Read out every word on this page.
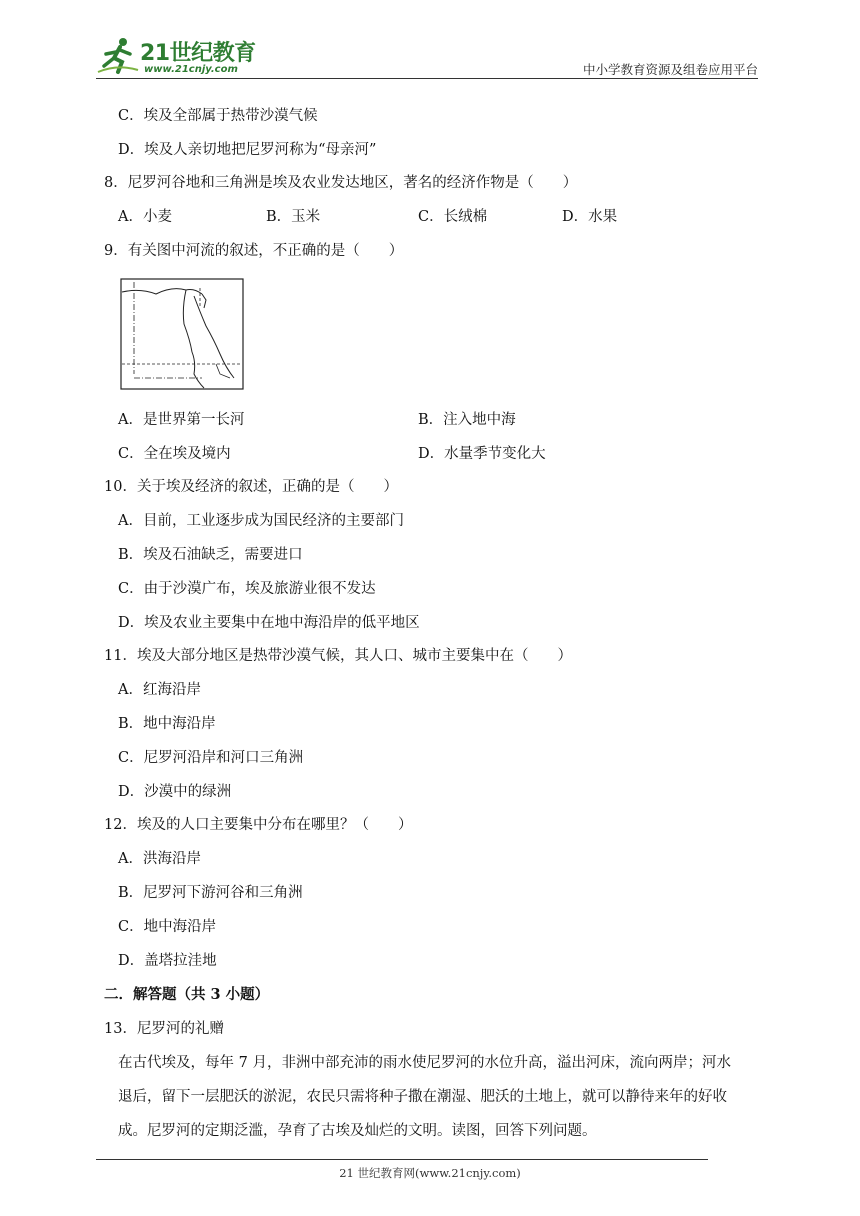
21世纪教育
www.21cnjy.com	中小学教育资源及组卷应用平台
C．埃及全部属于热带沙漠气候
D．埃及人亲切地把尼罗河称为“母亲河”
8．尼罗河谷地和三角洲是埃及农业发达地区，著名的经济作物是（　　）
A．小麦	B．玉米	C．长绒棉	D．水果
9．有关图中河流的叙述，不正确的是（　　）
A．是世界第一长河	B．注入地中海
C．全在埃及境内	D．水量季节变化大
10．关于埃及经济的叙述，正确的是（　　）
A．目前，工业逐步成为国民经济的主要部门
B．埃及石油缺乏，需要进口
C．由于沙漠广布，埃及旅游业很不发达
D．埃及农业主要集中在地中海沿岸的低平地区
11．埃及大部分地区是热带沙漠气候，其人口、城市主要集中在（　　）
A．红海沿岸
B．地中海沿岸
C．尼罗河沿岸和河口三角洲
D．沙漠中的绿洲
12．埃及的人口主要集中分布在哪里？（　　）
A．洪海沿岸
B．尼罗河下游河谷和三角洲
C．地中海沿岸
D．盖塔拉洼地
二．解答题（共 3 小题）
13．尼罗河的礼赠
在古代埃及，每年 7 月，非洲中部充沛的雨水使尼罗河的水位升高，溢出河床，流向两岸；河水
退后，留下一层肥沃的淤泥，农民只需将种子撒在潮湿、肥沃的土地上，就可以静待来年的好收
成。尼罗河的定期泛滥，孕育了古埃及灿烂的文明。读图，回答下列问题。
21 世纪教育网(www.21cnjy.com)
